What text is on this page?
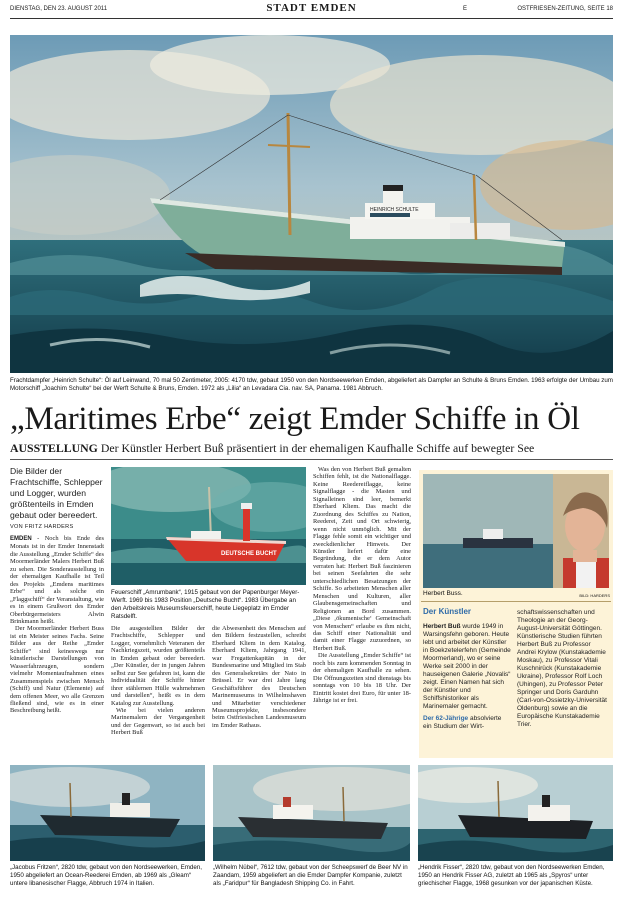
DIENSTAG, DEN 23. AUGUST 2011	STADT EMDEN	E	OSTFRIESEN-ZEITUNG, SEITE 18
HEINRICH SCHULTE
Frachtdampfer „Heinrich Schulte“: Öl auf Leinwand, 70 mal 50 Zentimeter, 2005: 4170 tdw, gebaut 1950 von den Nordseewerken Emden, abgeliefert als Dampfer an Schulte & Bruns Emden. 1963 erfolgte der Umbau zum Motorschiff „Joachim Schulte“ bei der Werft Schulte & Bruns, Emden. 1972 als „Lilia“ an Levadara Cia. nav. SA, Panama. 1981 Abbruch.
„Maritimes Erbe“ zeigt Emder Schiffe in Öl
AUSSTELLUNG Der Künstler Herbert Buß präsentiert in der ehemaligen Kaufhalle Schiffe auf bewegter See
Die Bilder der Frachtschiffe, Schlepper und Logger, wurden größtenteils in Emden gebaut oder bereedert.
VON FRITZ HARDERS

EMDEN - Noch bis Ende des Monats ist in der Emder Innenstadt die Ausstellung „Emder Schiffe“ des Moormerländer Malers Herbert Buß zu sehen. Die Sonderausstellung in der ehemaligen Kaufhalle ist Teil des Projekts „Emdens maritimes Erbe“ und als solche ein „Flaggschiff“ der Veranstaltung, wie es in einem Grußwort des Emder Oberbürgermeisters Alwin Brinkmann heißt.

Der Moormerländer Herbert Buss ist ein Meister seines Fachs. Seine Bilder aus der Reihe „Emder Schiffe“ sind keineswegs nur künstlerische Darstellungen von Wasserfahrzeugen, sondern vielmehr Momentaufnahmen eines Zusammenspiels zwischen Mensch (Schiff) und Natur (Elemente) auf dem offenen Meer, wo alle Grenzen fließend sind, wie es in einer Beschreibung heißt.

DEUTSCHE BUCHT
Feuerschiff „Amrumbank“, 1915 gebaut von der Papenburger Meyer-Werft. 1969 bis 1983 Position „Deutsche Bucht“. 1983 Übergabe an den Arbeitskreis Museumsfeuerschiff, heute Liegeplatz im Emder Ratsdelft.

Die ausgestellten Bilder der Frachtschiffe, Schlepper und Logger, vornehmlich Veteranen der Nachkriegszeit, wurden größtenteils in Emden gebaut oder bereedert. „Der Künstler, der in jungen Jahren selbst zur See gefahren ist, kann die Individualität der Schiffe hinter ihrer stählernen Hülle wahrnehmen und darstellen“, heißt es in dem Katalog zur Ausstellung.

Wie bei vielen anderen Marinemalern der Vergangenheit und der Gegenwart, so ist auch bei Herbert Buß

die Abwesenheit des Menschen auf den Bildern festzustellen, schreibt Eberhard Kliem in dem Katalog. Eberhard Kliem, Jahrgang 1941, war Fregattenkapitän in der Bundesmarine und Mitglied im Stab des Generalsekretärs der Nato in Brüssel. Er war drei Jahre lang Geschäftsführer des Deutschen Marinemuseums in Wilhelmshaven und Mitarbeiter verschiedener Museumsprojekte, insbesondere beim Ostfriesischen Landesmuseum im Emder Rathaus.

Was den von Herbert Buß gemalten Schiffen fehlt, ist die Nationalflagge. Keine Reedereiflagge, keine Signalflagge - die Masten und Signalleinen sind leer, bemerkt Eberhard Kliem. Das macht die Zuordnung des Schiffes zu Nation, Reederei, Zeit und Ort schwierig, wenn nicht unmöglich. Mit der Flagge fehle somit ein wichtiger und zweckdienlicher Hinweis. Der Künstler liefert dafür eine Begründung, die er dem Autor verraten hat: Herbert Buß faszinieren bei seinen Seefahrten die sehr unterschiedlichen Besatzungen der Schiffe. So arbeiteten Menschen aller Menschen und Kulturen, aller Glaubensgemeinschaften und Religionen an Bord zusammen. „Diese ‚ökumenische‘ Gemeinschaft von Menschen“ erlaube es ihm nicht, das Schiff einer Nationalität und damit einer Flagge zuzuordnen, so Herbert Buß.

Die Ausstellung „Emder Schiffe“ ist noch bis zum kommenden Sonntag in der ehemaligen Kaufhalle zu sehen. Die Öffnungszeiten sind dienstags bis sonntags von 10 bis 18 Uhr. Der Eintritt kostet drei Euro, für unter 18-Jährige ist er frei.

Herbert Buss.	BILD: HARDERS
Der Künstler
Herbert Buß wurde 1949 in Warsingsfehn geboren. Heute lebt und arbeitet der Künstler in Boekzetelerfehn (Gemeinde Moormerland), wo er seine Werke seit 2000 in der hauseigenen Galerie „Novalis“ zeigt. Einen Namen hat sich der Künstler und Schiffshistoriker als Marinemaler gemacht.
Der 62-Jährige absolvierte ein Studium der Wirt-
schaftswissenschaften und Theologie an der Georg-August-Universität Göttingen. Künstlerische Studien führten Herbert Buß zu Professor Andrei Krylow (Kunstakademie Moskau), zu Professor Vitali Kuschnirück (Kunstakademie Ukraine), Professor Rolf Loch (Uhingen), zu Professor Peter Springer und Doris Garduhn (Carl-von-Ossietzky-Universität Oldenburg) sowie an die Europäische Kunstakademie Trier.
„Jacobus Fritzen“, 2820 tdw, gebaut von den Nordseewerken, Emden, 1950 abgeliefert an Ocean-Reederei Emden, ab 1969 als „Gleam“ untere libanesischer Flagge, Abbruch 1974 in Italien.
„Wilhelm Nübel“, 7612 tdw, gebaut von der Scheepswerf de Beer NV in Zaandam, 1959 abgeliefert an die Emder Dampfer Kompanie, zuletzt als „Faridpur“ für Bangladesh Shipping Co. in Fahrt.
„Hendrik Fisser“, 2820 tdw, gebaut von den Nordseewerken Emden, 1950 an Hendrik Fisser AG, zuletzt ab 1965 als „Spyros“ unter griechischer Flagge, 1968 gesunken vor der japanischen Küste.
